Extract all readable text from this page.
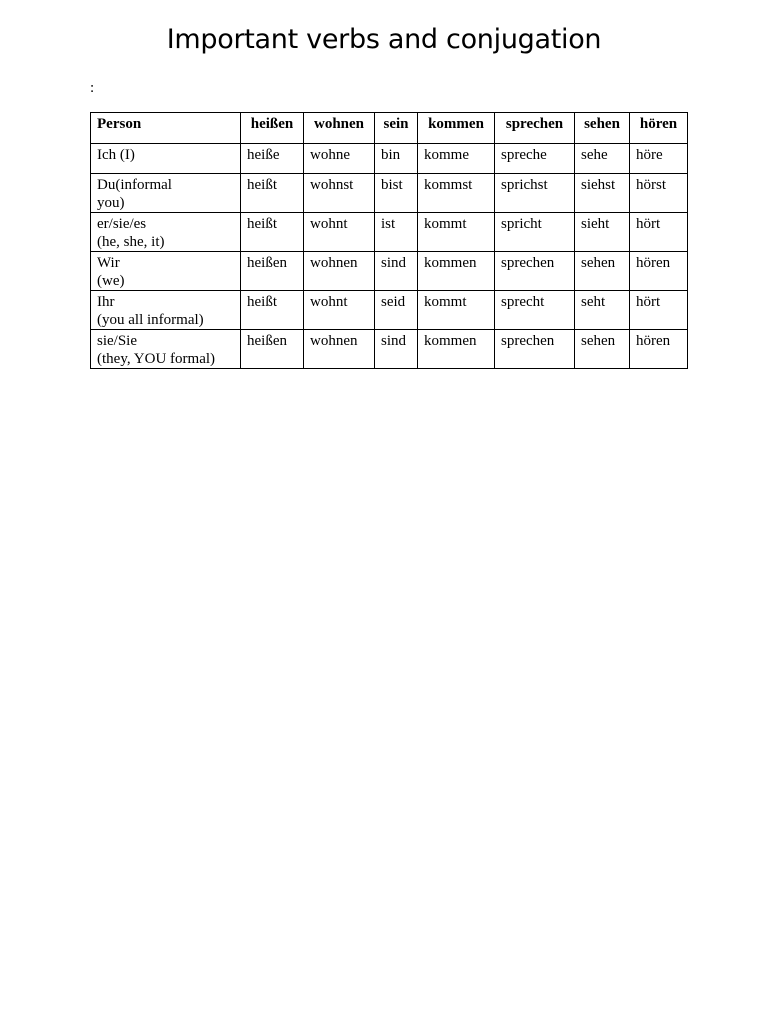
Important verbs and conjugation
:
Person	heißen	wohnen	sein	kommen	sprechen	sehen	hören
Ich (I)	heiße	wohne	bin	komme	spreche	sehe	höre
Du(informal
you)	heißt	wohnst	bist	kommst	sprichst	siehst	hörst
er/sie/es
(he, she, it)	heißt	wohnt	ist	kommt	spricht	sieht	hört
Wir
(we)	heißen	wohnen	sind	kommen	sprechen	sehen	hören
Ihr
(you all informal)	heißt	wohnt	seid	kommt	sprecht	seht	hört
sie/Sie
(they, YOU formal)	heißen	wohnen	sind	kommen	sprechen	sehen	hören
